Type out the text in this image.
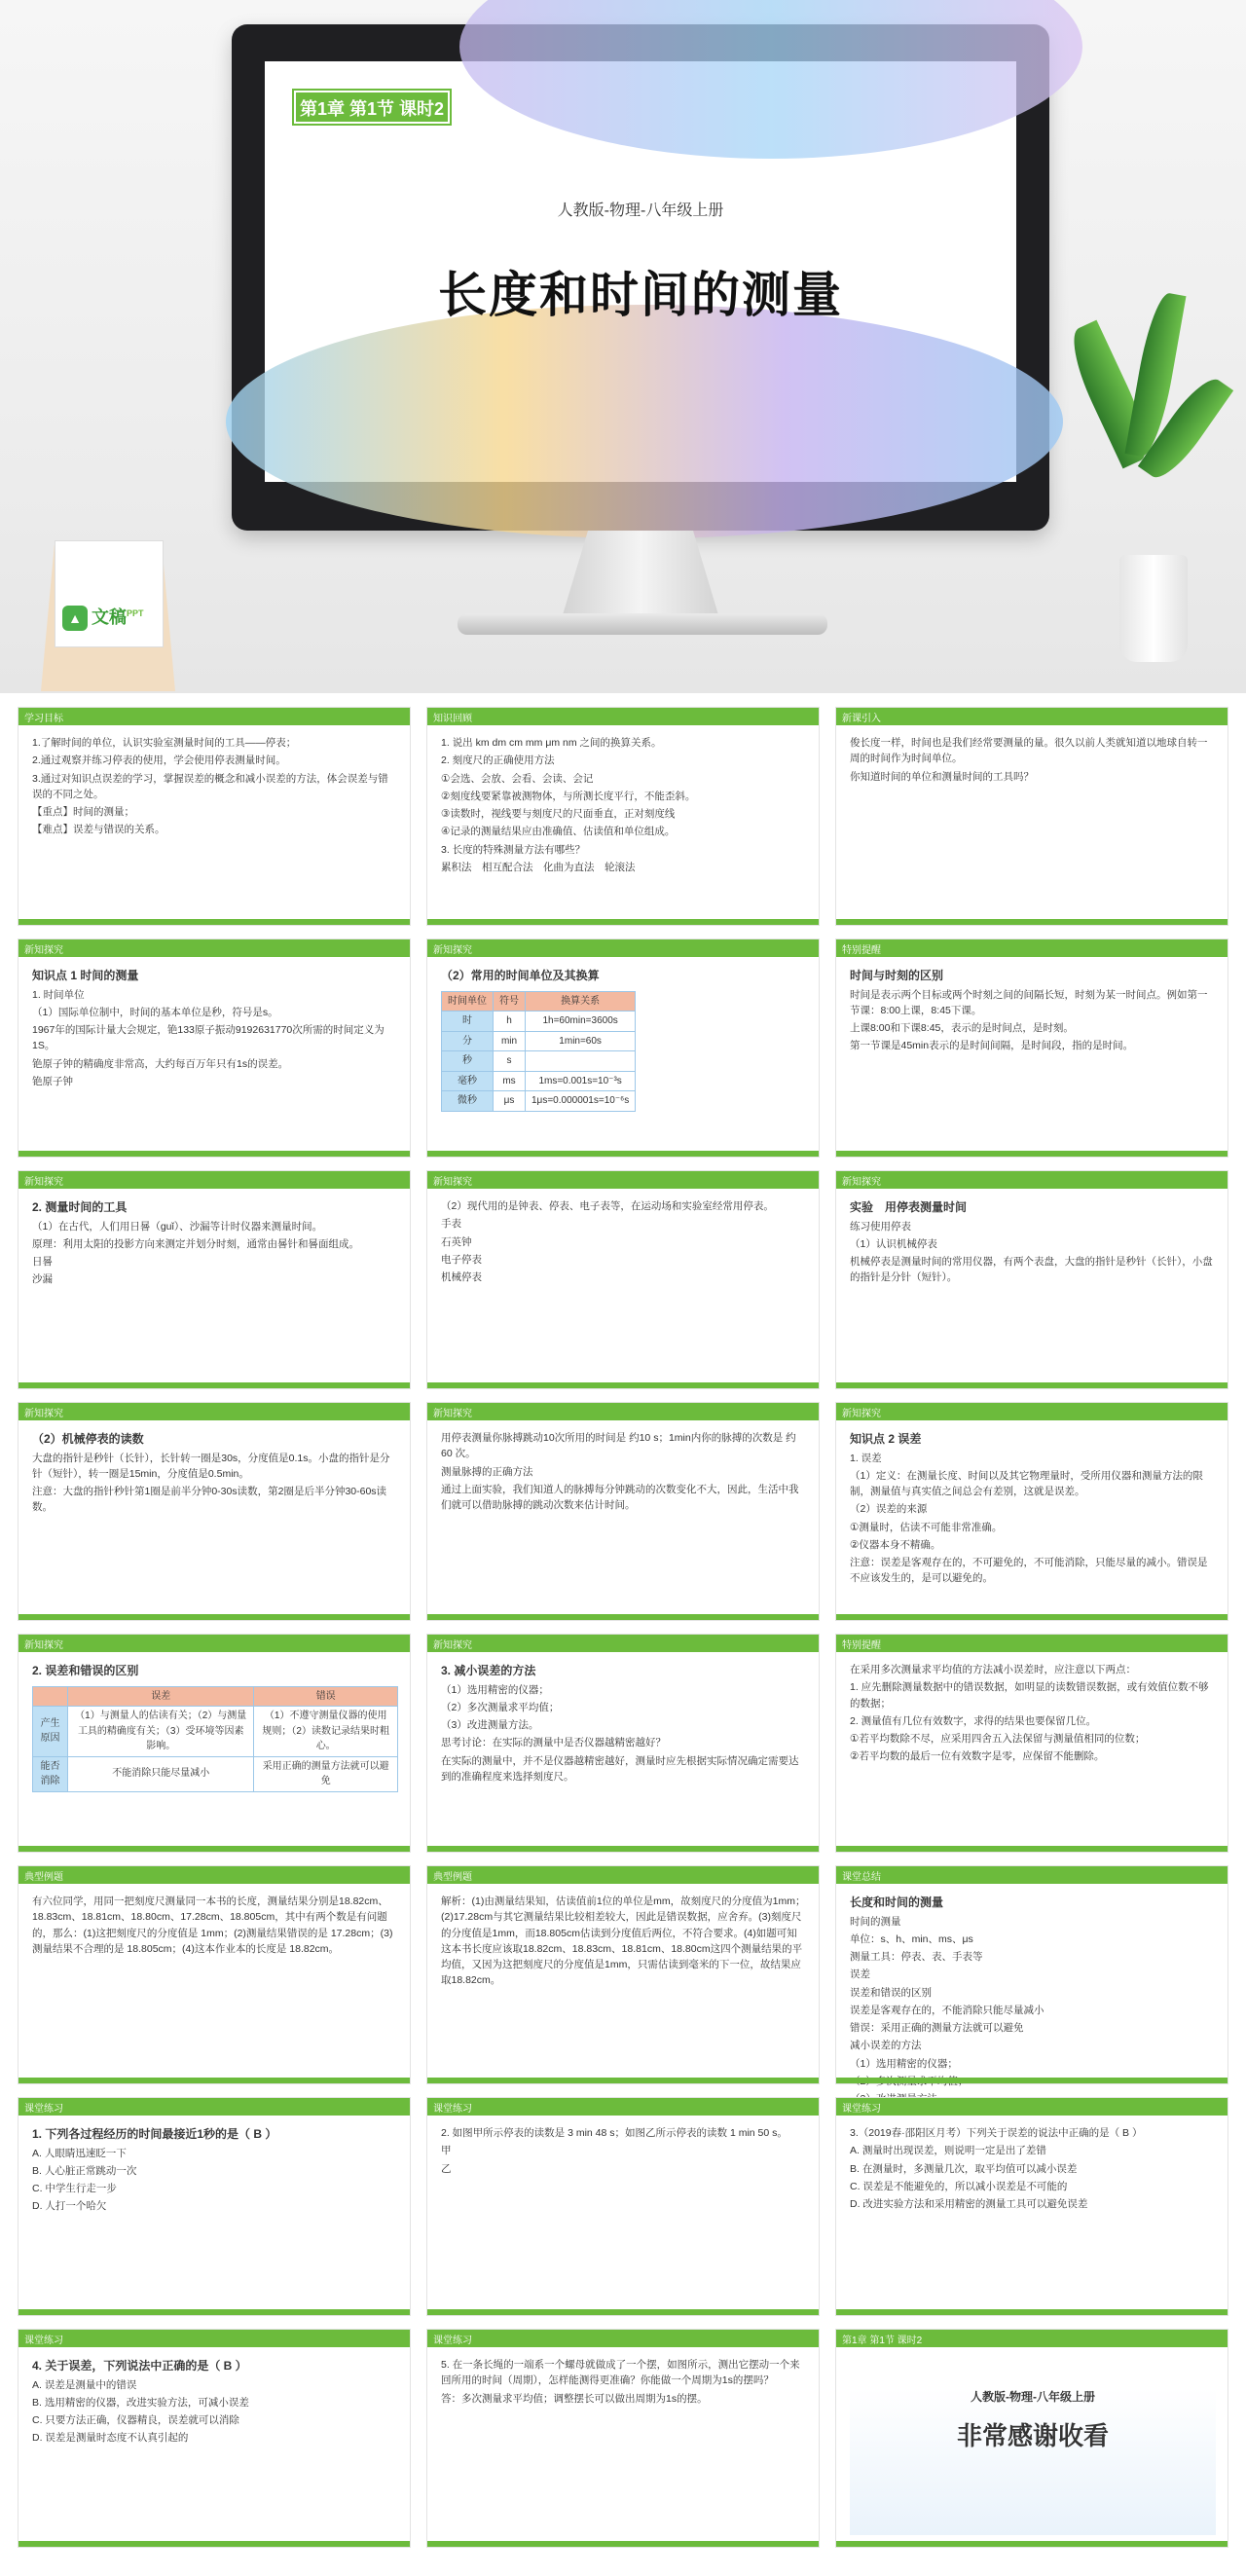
第1章 第1节 课时2
人教版-物理-八年级上册
长度和时间的测量
▲ 文稿$^{PPT}$
学习目标

1.了解时间的单位，认识实验室测量时间的工具——停表；

2.通过观察并练习停表的使用，学会使用停表测量时间。

3.通过对知识点误差的学习，掌握误差的概念和减小误差的方法，体会误差与错误的不同之处。

【重点】时间的测量；

【难点】误差与错误的关系。

知识回顾

1. 说出 km dm cm mm μm nm 之间的换算关系。

2. 刻度尺的正确使用方法

①会选、会放、会看、会读、会记

②刻度线要紧靠被测物体，与所测长度平行，不能歪斜。

③读数时，视线要与刻度尺的尺面垂直，正对刻度线

④记录的测量结果应由准确值、估读值和单位组成。

3. 长度的特殊测量方法有哪些？

累积法　相互配合法　化曲为直法　轮滚法

新课引入

俊长度一样，时间也是我们经常要测量的量。很久以前人类就知道以地球自转一周的时间作为时间单位。

你知道时间的单位和测量时间的工具吗？

新知探究

知识点 1 时间的测量

1. 时间单位

（1）国际单位制中，时间的基本单位是秒，符号是s。

1967年的国际计量大会规定，铯133原子振动9192631770次所需的时间定义为1S。

铯原子钟的精确度非常高，大约每百万年只有1s的误差。

铯原子钟

新知探究

（2）常用的时间单位及其换算

时间单位	符号	换算关系
时	h	1h=60min=3600s
分	min	1min=60s
秒	s	
毫秒	ms	1ms=0.001s=10⁻³s
微秒	μs	1μs=0.000001s=10⁻⁶s
特别提醒

时间与时刻的区别

时间是表示两个目标或两个时刻之间的间隔长短，时刻为某一时间点。例如第一节课：8:00上课，8:45下课。

上课8:00和下课8:45，表示的是时间点，是时刻。

第一节课是45min表示的是时间间隔，是时间段，指的是时间。

新知探究

2. 测量时间的工具

（1）在古代，人们用日晷（guǐ）、沙漏等计时仪器来测量时间。

原理：利用太阳的投影方向来测定并划分时刻，通常由晷针和晷面组成。

日晷

沙漏

新知探究

（2）现代用的是钟表、停表、电子表等，在运动场和实验室经常用停表。

手表

石英钟

电子停表

机械停表

新知探究

实验　用停表测量时间

练习使用停表

（1）认识机械停表

机械停表是测量时间的常用仪器，有两个表盘，大盘的指针是秒针（长针），小盘的指针是分针（短针）。

新知探究

（2）机械停表的读数

大盘的指针是秒针（长针），长针转一圈是30s，分度值是0.1s。小盘的指针是分针（短针），转一圈是15min，分度值是0.5min。

注意：大盘的指针秒针第1圈是前半分钟0-30s读数，第2圈是后半分钟30-60s读数。

新知探究

用停表测量你脉搏跳动10次所用的时间是 约10 s；1min内你的脉搏的次数是 约60 次。

测量脉搏的正确方法

通过上面实验，我们知道人的脉搏每分钟跳动的次数变化不大，因此，生活中我们就可以借助脉搏的跳动次数来估计时间。

新知探究

知识点 2 误差

1. 误差

（1）定义：在测量长度、时间以及其它物理量时，受所用仪器和测量方法的限制，测量值与真实值之间总会有差别，这就是误差。

（2）误差的来源

①测量时，估读不可能非常准确。

②仪器本身不精确。

注意：误差是客观存在的，不可避免的，不可能消除，只能尽量的减小。错误是不应该发生的，是可以避免的。

新知探究

2. 误差和错误的区别

	误差	错误
产生原因	（1）与测量人的估读有关；（2）与测量工具的精确度有关；（3）受环境等因素影响。	（1）不遵守测量仪器的使用规则；（2）读数记录结果时粗心。
能否消除	不能消除只能尽量减小	采用正确的测量方法就可以避免
新知探究

3. 减小误差的方法

（1）选用精密的仪器；

（2）多次测量求平均值；

（3）改进测量方法。

思考讨论：在实际的测量中是否仪器越精密越好？

在实际的测量中，并不是仪器越精密越好，测量时应先根据实际情况确定需要达到的准确程度来选择刻度尺。

特别提醒

在采用多次测量求平均值的方法减小误差时，应注意以下两点：

1. 应先删除测量数据中的错误数据，如明显的读数错误数据，或有效值位数不够的数据；

2. 测量值有几位有效数字，求得的结果也要保留几位。

①若平均数除不尽，应采用四舍五入法保留与测量值相同的位数；

②若平均数的最后一位有效数字是零，应保留不能删除。

典型例题

有六位同学，用同一把刻度尺测量同一本书的长度，测量结果分别是18.82cm、18.83cm、18.81cm、18.80cm、17.28cm、18.805cm，其中有两个数是有问题的，那么：(1)这把刻度尺的分度值是 1mm；(2)测量结果错误的是 17.28cm；(3)测量结果不合理的是 18.805cm；(4)这本作业本的长度是 18.82cm。

典型例题

解析：(1)由测量结果知，估读值前1位的单位是mm，故刻度尺的分度值为1mm；(2)17.28cm与其它测量结果比较相差较大，因此是错误数据，应舍弃。(3)刻度尺的分度值是1mm，而18.805cm估读到分度值后两位，不符合要求。(4)如题可知这本书长度应该取18.82cm、18.83cm、18.81cm、18.80cm这四个测量结果的平均值，又因为这把刻度尺的分度值是1mm，只需估读到毫米的下一位，故结果应取18.82cm。

课堂总结

长度和时间的测量

时间的测量

单位：s、h、min、ms、μs

测量工具：停表、表、手表等

误差

误差和错误的区别

误差是客观存在的，不能消除只能尽量减小

错误：采用正确的测量方法就可以避免

减小误差的方法

（1）选用精密的仪器；

课堂练习

1. 下列各过程经历的时间最接近1秒的是（ B ）

A. 人眼睛迅速眨一下

B. 人心脏正常跳动一次

C. 中学生行走一步

D. 人打一个哈欠

课堂练习

2. 如图甲所示停表的读数是 3 min 48 s；如图乙所示停表的读数 1 min 50 s。

甲

乙

课堂练习

3.（2019春·邵阳区月考）下列关于误差的说法中正确的是（ B ）

A. 测量时出现误差，则说明一定是出了差错

B. 在测量时，多测量几次，取平均值可以减小误差

C. 误差是不能避免的，所以减小误差是不可能的

D. 改进实验方法和采用精密的测量工具可以避免误差

课堂练习

4. 关于误差，下列说法中正确的是（ B ）

A. 误差是测量中的错误

B. 选用精密的仪器，改进实验方法，可减小误差

C. 只要方法正确，仪器精良，误差就可以消除

D. 误差是测量时态度不认真引起的

课堂练习

5. 在一条长绳的一端系一个螺母就做成了一个摆，如图所示，测出它摆动一个来回所用的时间（周期），怎样能测得更准确？你能做一个周期为1s的摆吗？

答：多次测量求平均值；调整摆长可以做出周期为1s的摆。

第1章 第1节 课时2

人教版-物理-八年级上册

非常感谢收看
